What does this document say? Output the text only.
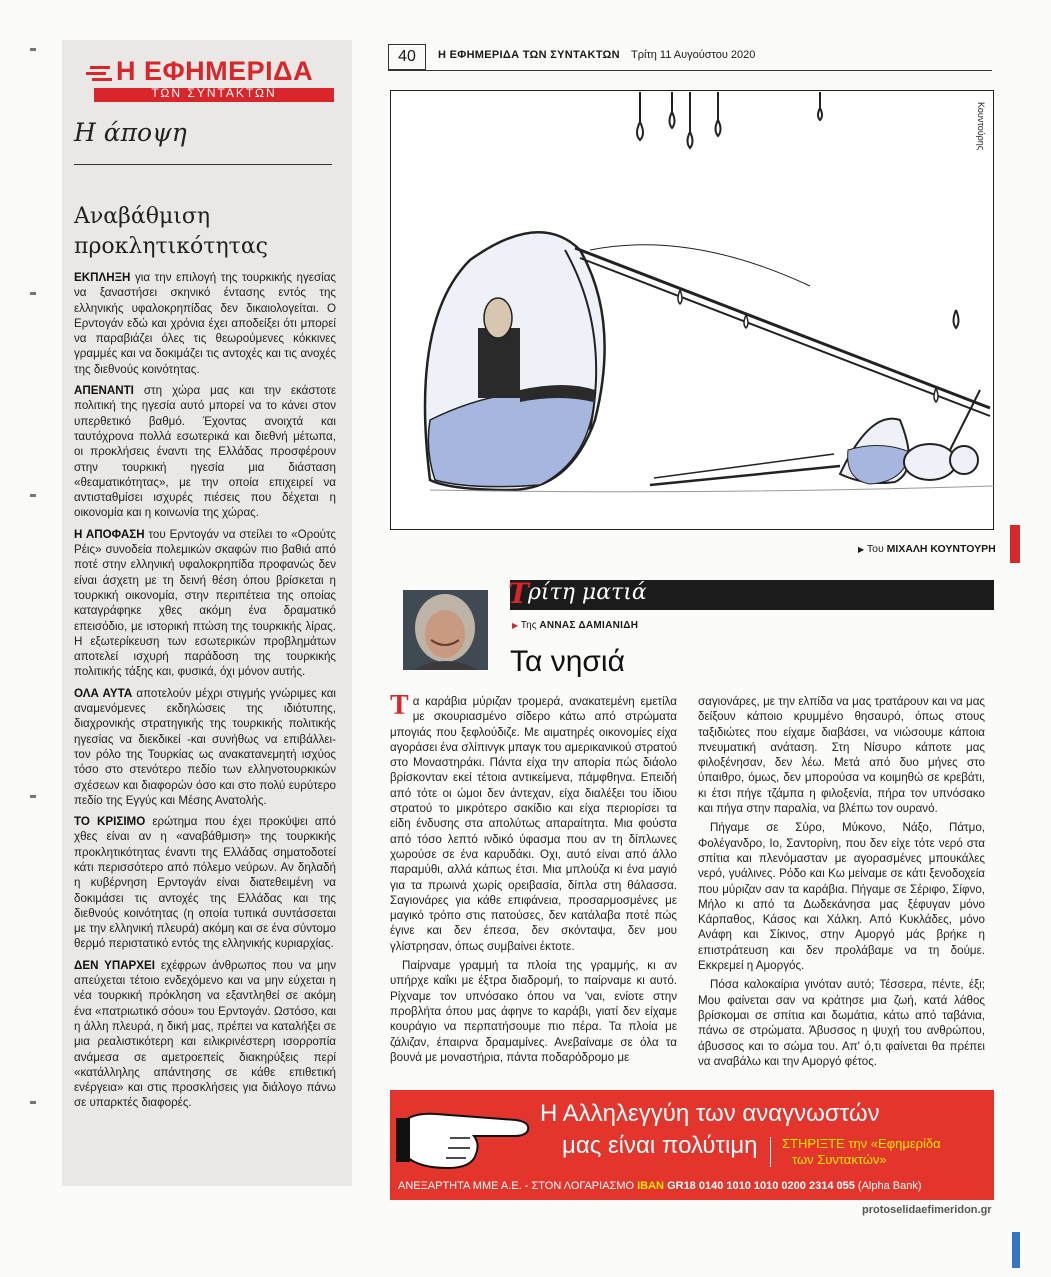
Η ΕΦΗΜΕΡΙΔΑ
ΤΩΝ ΣΥΝΤΑΚΤΩΝ
Η άποψη
Αναβάθμιση προκλητικότητας

ΕΚΠΛΗΞΗ για την επιλογή της τουρκικής ηγεσίας να ξαναστήσει σκηνικό έντασης εντός της ελληνικής υφαλοκρηπίδας δεν δικαιολογείται. Ο Ερντογάν εδώ και χρόνια έχει αποδείξει ότι μπορεί να παραβιάζει όλες τις θεωρούμενες κόκκινες γραμμές και να δοκιμάζει τις αντοχές και τις ανοχές της διεθνούς κοινότητας.

ΑΠΕΝΑΝΤΙ στη χώρα μας και την εκάστοτε πολιτική της ηγεσία αυτό μπορεί να το κάνει στον υπερθετικό βαθμό. Έχοντας ανοιχτά και ταυτόχρονα πολλά εσωτερικά και διεθνή μέτωπα, οι προκλήσεις έναντι της Ελλάδας προσφέρουν στην τουρκική ηγεσία μια διάσταση «θεαματικότητας», με την οποία επιχειρεί να αντισταθμίσει ισχυρές πιέσεις που δέχεται η οικονομία και η κοινωνία της χώρας.

Η ΑΠΟΦΑΣΗ του Ερντογάν να στείλει το «Ορούτς Ρέις» συνοδεία πολεμικών σκαφών πιο βαθιά από ποτέ στην ελληνική υφαλοκρηπίδα προφανώς δεν είναι άσχετη με τη δεινή θέση όπου βρίσκεται η τουρκική οικονομία, στην περιπέτεια της οποίας καταγράφηκε χθες ακόμη ένα δραματικό επεισόδιο, με ιστορική πτώση της τουρκικής λίρας. Η εξωτερίκευση των εσωτερικών προβλημάτων αποτελεί ισχυρή παράδοση της τουρκικής πολιτικής τάξης και, φυσικά, όχι μόνον αυτής.

ΟΛΑ ΑΥΤΑ αποτελούν μέχρι στιγμής γνώριμες και αναμενόμενες εκδηλώσεις της ιδιότυπης, διαχρονικής στρατηγικής της τουρκικής πολιτικής ηγεσίας να διεκδικεί -και συνήθως να επιβάλλει- τον ρόλο της Τουρκίας ως ανακατανεμητή ισχύος τόσο στο στενότερο πεδίο των ελληνοτουρκικών σχέσεων και διαφορών όσο και στο πολύ ευρύτερο πεδίο της Εγγύς και Μέσης Ανατολής.

ΤΟ ΚΡΙΣΙΜΟ ερώτημα που έχει προκύψει από χθες είναι αν η «αναβάθμιση» της τουρκικής προκλητικότητας έναντι της Ελλάδας σηματοδοτεί κάτι περισσότερο από πόλεμο νεύρων. Αν δηλαδή η κυβέρνηση Ερντογάν είναι διατεθειμένη να δοκιμάσει τις αντοχές της Ελλάδας και της διεθνούς κοινότητας (η οποία τυπικά συντάσσεται με την ελληνική πλευρά) ακόμη και σε ένα σύντομο θερμό περιστατικό εντός της ελληνικής κυριαρχίας.

ΔΕΝ ΥΠΑΡΧΕΙ εχέφρων άνθρωπος που να μην απεύχεται τέτοιο ενδεχόμενο και να μην εύχεται η νέα τουρκική πρόκληση να εξαντληθεί σε ακόμη ένα «πατριωτικό σόου» του Ερντογάν. Ωστόσο, και η άλλη πλευρά, η δική μας, πρέπει να καταλήξει σε μια ρεαλιστικότερη και ειλικρινέστερη ισορροπία ανάμεσα σε αμετροεπείς διακηρύξεις περί «κατάλληλης απάντησης σε κάθε επιθετική ενέργεια» και στις προσκλήσεις για διάλογο πάνω σε υπαρκτές διαφορές.

40	Η ΕΦΗΜΕΡΙΔΑ ΤΩΝ ΣΥΝΤΑΚΤΩΝ Τρίτη 11 Αυγούστου 2020
Κουντούρης
▶ Του ΜΙΧΑΛΗ ΚΟΥΝΤΟΥΡΗ
Τ ρίτη ματιά
▶ Της ΑΝΝΑΣ ΔΑΜΙΑΝΙΔΗ
Τα νησιά

Τα καράβια μύριζαν τρομερά, ανακατεμένη εμετίλα με σκουριασμένο σίδερο κάτω από στρώματα μπογιάς που ξεφλούδιζε. Με αιματηρές οικονομίες είχα αγοράσει ένα σλίπινγκ μπαγκ του αμερικανικού στρατού στο Μοναστηράκι. Πάντα είχα την απορία πώς διάολο βρίσκονταν εκεί τέτοια αντικείμενα, πάμφθηνα. Επειδή από τότε οι ώμοι δεν άντεχαν, είχα διαλέξει του ίδιου στρατού το μικρότερο σακίδιο και είχα περιορίσει τα είδη ένδυσης στα απολύτως απαραίτητα. Μια φούστα από τόσο λεπτό ινδικό ύφασμα που αν τη δίπλωνες χωρούσε σε ένα καρυδάκι. Οχι, αυτό είναι από άλλο παραμύθι, αλλά κάπως έτσι. Μια μπλούζα κι ένα μαγιό για τα πρωινά χωρίς ορειβασία, δίπλα στη θάλασσα. Σαγιονάρες για κάθε επιφάνεια, προσαρμοσμένες με μαγικό τρόπο στις πατούσες, δεν κατάλαβα ποτέ πώς έγινε και δεν έπεσα, δεν σκόνταψα, δεν μου γλίστρησαν, όπως συμβαίνει έκτοτε.

Παίρναμε γραμμή τα πλοία της γραμμής, κι αν υπήρχε καΐκι με έξτρα διαδρομή, το παίρναμε κι αυτό. Ρίχναμε τον υπνόσακο όπου να 'ναι, ενίοτε στην προβλήτα όπου μας άφηνε το καράβι, γιατί δεν είχαμε κουράγιο να περπατήσουμε πιο πέρα. Τα πλοία με ζάλιζαν, έπαιρνα δραμαμίνες. Ανεβαίναμε σε όλα τα βουνά με μοναστήρια, πάντα ποδαρόδρομο με

σαγιονάρες, με την ελπίδα να μας τρατάρουν και να μας δείξουν κάποιο κρυμμένο θησαυρό, όπως στους ταξιδιώτες που είχαμε διαβάσει, να νιώσουμε κάποια πνευματική ανάταση. Στη Νίσυρο κάποτε μας φιλοξένησαν, δεν λέω. Μετά από δυο μήνες στο ύπαιθρο, όμως, δεν μπορούσα να κοιμηθώ σε κρεβάτι, κι έτσι πήγε τζάμπα η φιλοξενία, πήρα τον υπνόσακο και πήγα στην παραλία, να βλέπω τον ουρανό.

Πήγαμε σε Σύρο, Μύκονο, Νάξο, Πάτμο, Φολέγανδρο, Ιο, Σαντορίνη, που δεν είχε τότε νερό στα σπίτια και πλενόμασταν με αγορασμένες μπουκάλες νερό, γυάλινες. Ρόδο και Κω μείναμε σε κάτι ξενοδοχεία που μύριζαν σαν τα καράβια. Πήγαμε σε Σέριφο, Σίφνο, Μήλο κι από τα Δωδεκάνησα μας ξέφυγαν μόνο Κάρπαθος, Κάσος και Χάλκη. Από Κυκλάδες, μόνο Ανάφη και Σίκινος, στην Αμοργό μάς βρήκε η επιστράτευση και δεν προλάβαμε να τη δούμε. Εκκρεμεί η Αμοργός.

Πόσα καλοκαίρια γινόταν αυτό; Τέσσερα, πέντε, έξι; Μου φαίνεται σαν να κράτησε μια ζωή, κατά λάθος βρίσκομαι σε σπίτια και δωμάτια, κάτω από ταβάνια, πάνω σε στρώματα. Άβυσσος η ψυχή του ανθρώπου, άβυσσος και το σώμα του. Απ' ό,τι φαίνεται θα πρέπει να αναβάλω και την Αμοργό φέτος.

Η Αλληλεγγύη των αναγνωστών
μας είναι πολύτιμη ΣΤΗΡΙΞΤΕ την «Εφημερίδα
των Συντακτών»
ΑΝΕΞΑΡΤΗΤΑ ΜΜΕ Α.Ε. - ΣΤΟΝ ΛΟΓΑΡΙΑΣΜΟ IBAN GR18 0140 1010 1010 0200 2314 055 (Alpha Bank)
protoselidaefimeridon.gr
